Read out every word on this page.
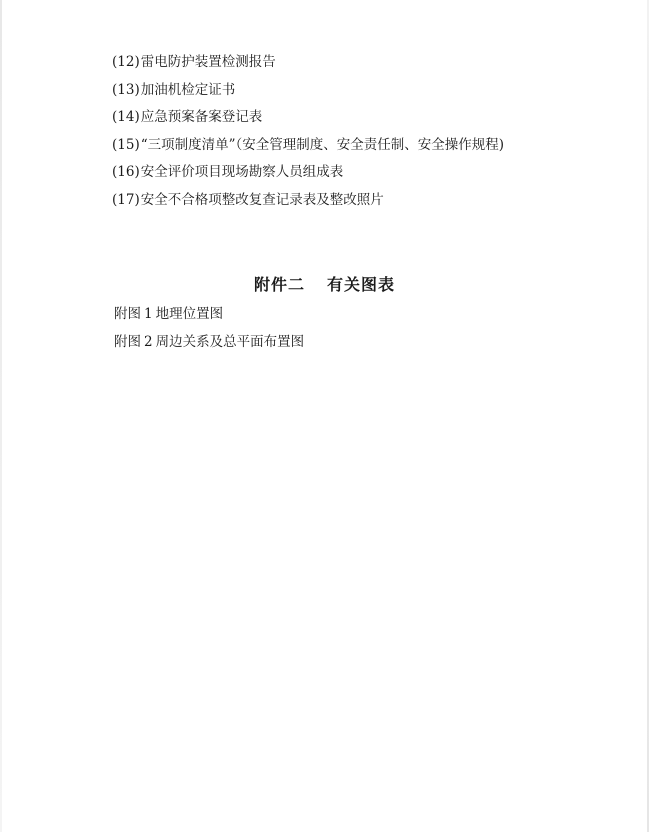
(12)雷电防护装置检测报告
(13)加油机检定证书
(14)应急预案备案登记表
(15)“三项制度清单”（安全管理制度、安全责任制、安全操作规程)
(16)安全评价项目现场勘察人员组成表
(17)安全不合格项整改复查记录表及整改照片
附件二 有关图表
附图 1 地理位置图
附图 2 周边关系及总平面布置图
